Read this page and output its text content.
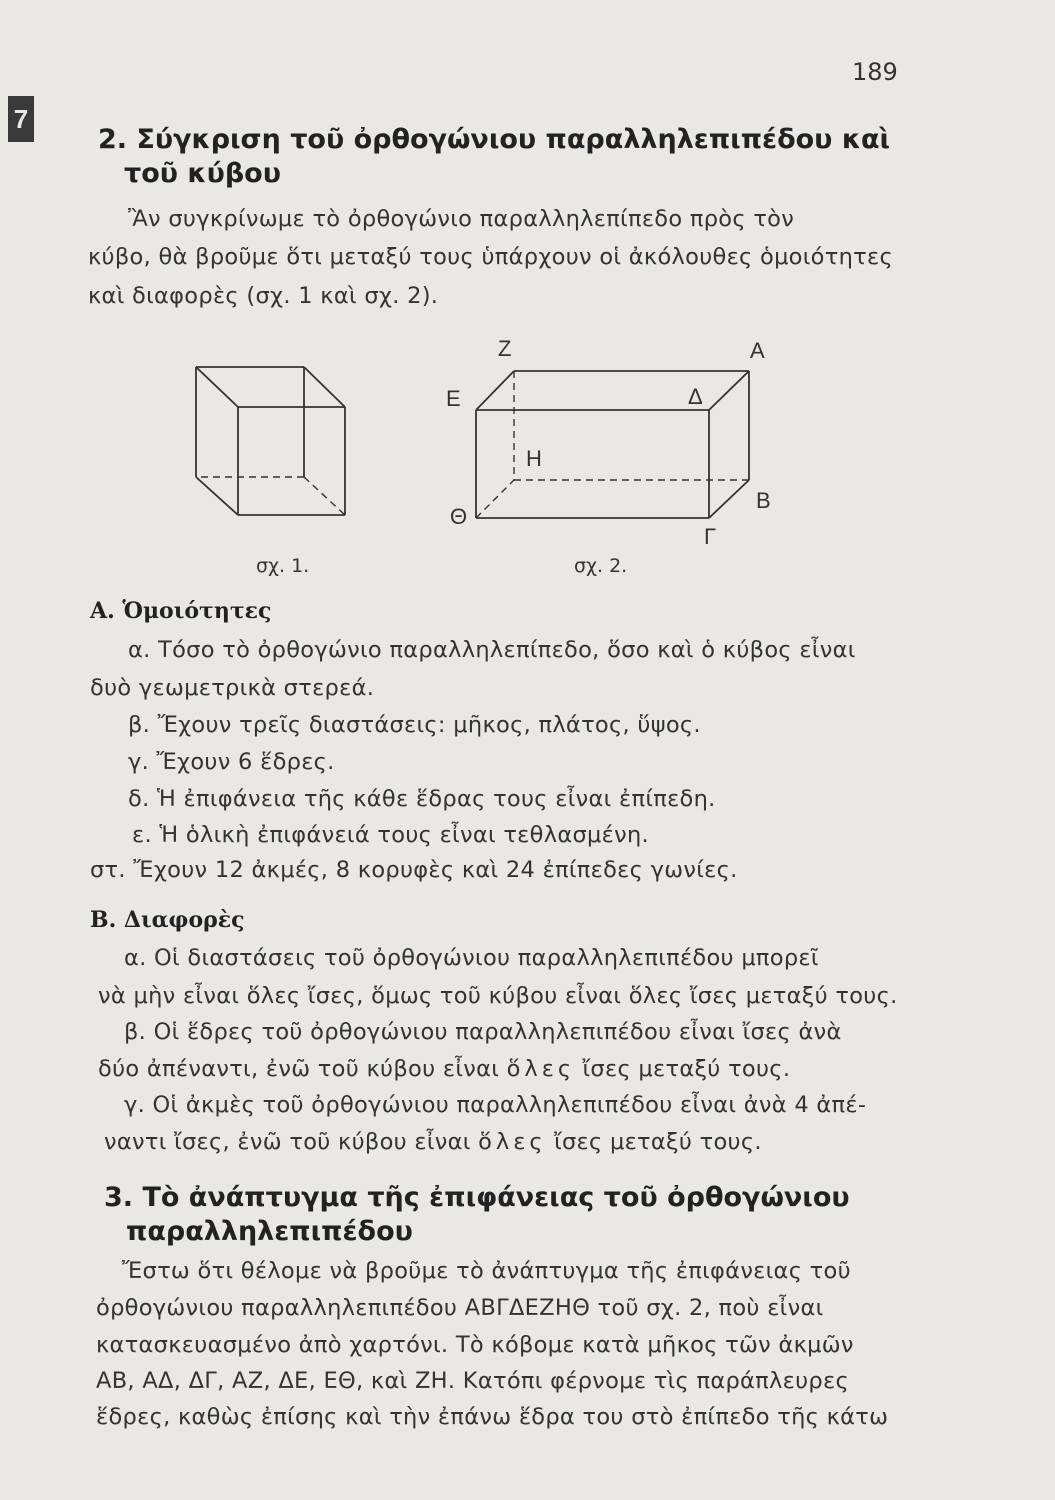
189
7
2. Σύγκριση τοῦ ὀρθογώνιου παραλληλεπιπέδου καὶ
τοῦ κύβου
Ἂν συγκρίνωμε τὸ ὀρθογώνιο παραλληλεπίπεδο πρὸς τὸν
κύβο, θὰ βροῦμε ὅτι μεταξύ τους ὑπάρχουν οἱ ἀκόλουθες ὁμοιότητες
καὶ διαφορὲς (σχ. 1 καὶ σχ. 2).
Z	A
E	Δ
H
B
Θ
Γ
σχ. 1.	σχ. 2.
Α. Ὁμοιότητες
α. Τόσο τὸ ὀρθογώνιο παραλληλεπίπεδο, ὅσο καὶ ὁ κύβος εἶναι
δυὸ γεωμετρικὰ στερεά.
β. Ἔχουν τρεῖς διαστάσεις: μῆκος, πλάτος, ὕψος.
γ. Ἔχουν 6 ἕδρες.
δ. Ἡ ἐπιφάνεια τῆς κάθε ἕδρας τους εἶναι ἐπίπεδη.
ε. Ἡ ὁλικὴ ἐπιφάνειά τους εἶναι τεθλασμένη.
στ. Ἔχουν 12 ἀκμές, 8 κορυφὲς καὶ 24 ἐπίπεδες γωνίες.
Β. Διαφορὲς
α. Οἱ διαστάσεις τοῦ ὀρθογώνιου παραλληλεπιπέδου μπορεῖ
νὰ μὴν εἶναι ὅλες ἴσες, ὅμως τοῦ κύβου εἶναι ὅλες ἴσες μεταξύ τους.
β. Οἱ ἕδρες τοῦ ὀρθογώνιου παραλληλεπιπέδου εἶναι ἴσες ἀνὰ
δύο ἀπέναντι, ἐνῶ τοῦ κύβου εἶναι ὅλες ἴσες μεταξύ τους.
γ. Οἱ ἀκμὲς τοῦ ὀρθογώνιου παραλληλεπιπέδου εἶναι ἀνὰ 4 ἀπέ-
ναντι ἴσες, ἐνῶ τοῦ κύβου εἶναι ὅλες ἴσες μεταξύ τους.
3. Τὸ ἀνάπτυγμα τῆς ἐπιφάνειας τοῦ ὀρθογώνιου
παραλληλεπιπέδου
Ἔστω ὅτι θέλομε νὰ βροῦμε τὸ ἀνάπτυγμα τῆς ἐπιφάνειας τοῦ
ὀρθογώνιου παραλληλεπιπέδου ΑΒΓΔΕΖΗΘ τοῦ σχ. 2, ποὺ εἶναι
κατασκευασμένο ἀπὸ χαρτόνι. Τὸ κόβομε κατὰ μῆκος τῶν ἀκμῶν
ΑΒ, ΑΔ, ΔΓ, ΑΖ, ΔΕ, ΕΘ, καὶ ΖΗ. Κατόπι φέρνομε τὶς παράπλευρες
ἕδρες, καθὼς ἐπίσης καὶ τὴν ἐπάνω ἕδρα του στὸ ἐπίπεδο τῆς κάτω
